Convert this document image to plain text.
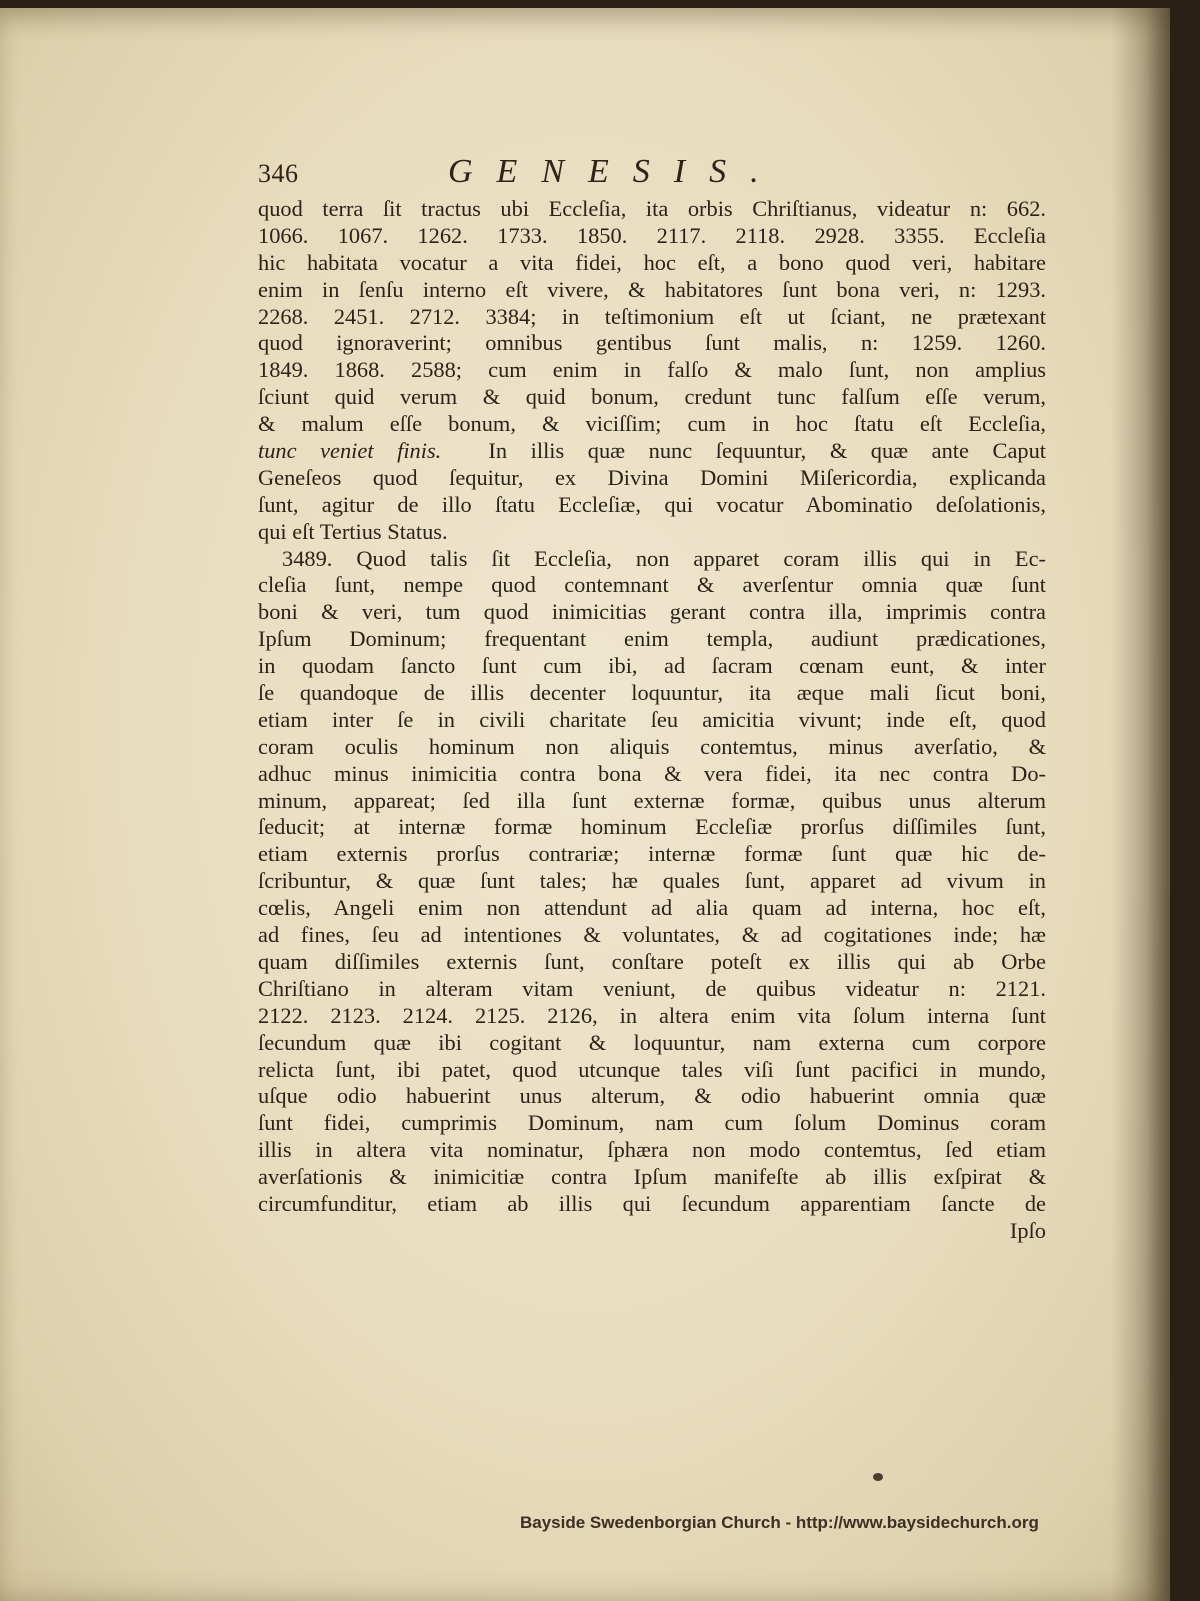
346	GENESIS.
quod terra ſit tractus ubi Eccleſia, ita orbis Chriſtianus, videatur n: 662.
1066. 1067. 1262. 1733. 1850. 2117. 2118. 2928. 3355. Eccleſia
hic habitata vocatur a vita fidei, hoc eſt, a bono quod veri, habitare
enim in ſenſu interno eſt vivere, & habitatores ſunt bona veri, n: 1293.
2268. 2451. 2712. 3384; in teſtimonium eſt ut ſciant, ne prætexant
quod ignoraverint; omnibus gentibus ſunt malis, n: 1259. 1260.
1849. 1868. 2588; cum enim in falſo & malo ſunt, non amplius
ſciunt quid verum & quid bonum, credunt tunc falſum eſſe verum,
& malum eſſe bonum, & viciſſim; cum in hoc ſtatu eſt Eccleſia,
tunc veniet finis. In illis quæ nunc ſequuntur, & quæ ante Caput
Geneſeos quod ſequitur, ex Divina Domini Miſericordia, explicanda
ſunt, agitur de illo ſtatu Eccleſiæ, qui vocatur Abominatio deſolationis,
qui eſt Tertius Status.
3489. Quod talis ſit Eccleſia, non apparet coram illis qui in Ec-
cleſia ſunt, nempe quod contemnant & averſentur omnia quæ ſunt
boni & veri, tum quod inimicitias gerant contra illa, imprimis contra
Ipſum Dominum; frequentant enim templa, audiunt prædicationes,
in quodam ſancto ſunt cum ibi, ad ſacram cœnam eunt, & inter
ſe quandoque de illis decenter loquuntur, ita æque mali ſicut boni,
etiam inter ſe in civili charitate ſeu amicitia vivunt; inde eſt, quod
coram oculis hominum non aliquis contemtus, minus averſatio, &
adhuc minus inimicitia contra bona & vera fidei, ita nec contra Do-
minum, appareat; ſed illa ſunt externæ formæ, quibus unus alterum
ſeducit; at internæ formæ hominum Eccleſiæ prorſus diſſimiles ſunt,
etiam externis prorſus contrariæ; internæ formæ ſunt quæ hic de-
ſcribuntur, & quæ ſunt tales; hæ quales ſunt, apparet ad vivum in
cœlis, Angeli enim non attendunt ad alia quam ad interna, hoc eſt,
ad fines, ſeu ad intentiones & voluntates, & ad cogitationes inde; hæ
quam diſſimiles externis ſunt, conſtare poteſt ex illis qui ab Orbe
Chriſtiano in alteram vitam veniunt, de quibus videatur n: 2121.
2122. 2123. 2124. 2125. 2126, in altera enim vita ſolum interna ſunt
ſecundum quæ ibi cogitant & loquuntur, nam externa cum corpore
relicta ſunt, ibi patet, quod utcunque tales viſi ſunt pacifici in mundo,
uſque odio habuerint unus alterum, & odio habuerint omnia quæ
ſunt fidei, cumprimis Dominum, nam cum ſolum Dominus coram
illis in altera vita nominatur, ſphæra non modo contemtus, ſed etiam
averſationis & inimicitiæ contra Ipſum manifeſte ab illis exſpirat &
circumfunditur, etiam ab illis qui ſecundum apparentiam ſancte de
Ipſo
Bayside Swedenborgian Church - http://www.baysidechurch.org
